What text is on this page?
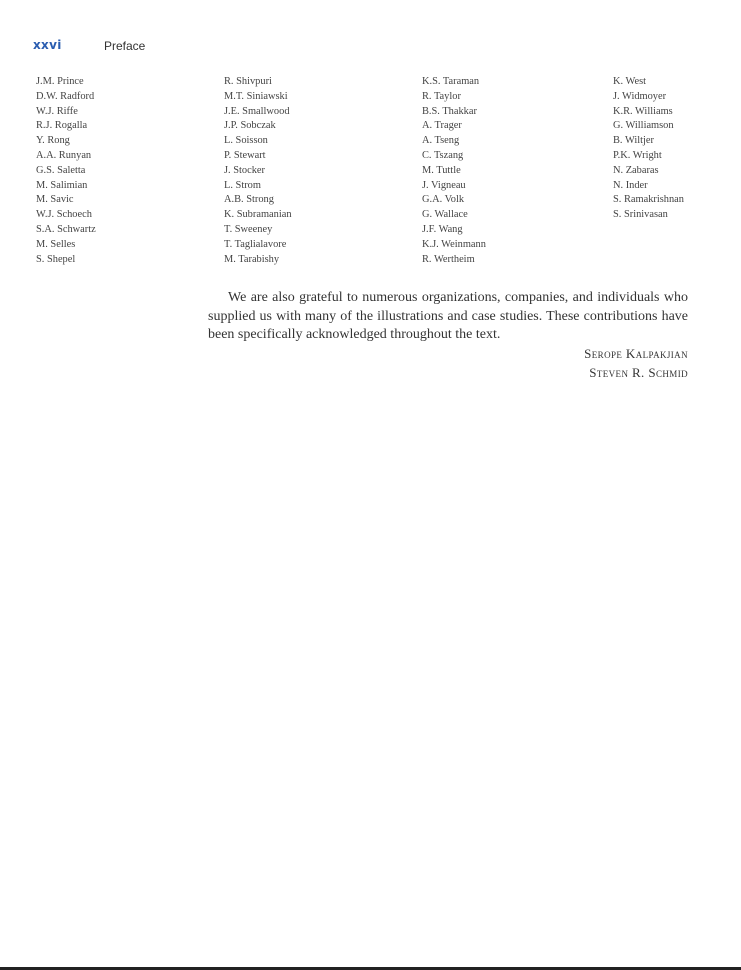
xxvi	Preface
J.M. Prince
D.W. Radford
W.J. Riffe
R.J. Rogalla
Y. Rong
A.A. Runyan
G.S. Saletta
M. Salimian
M. Savic
W.J. Schoech
S.A. Schwartz
M. Selles
S. Shepel
R. Shivpuri
M.T. Siniawski
J.E. Smallwood
J.P. Sobczak
L. Soisson
P. Stewart
J. Stocker
L. Strom
A.B. Strong
K. Subramanian
T. Sweeney
T. Taglialavore
M. Tarabishy
K.S. Taraman
R. Taylor
B.S. Thakkar
A. Trager
A. Tseng
C. Tszang
M. Tuttle
J. Vigneau
G.A. Volk
G. Wallace
J.F. Wang
K.J. Weinmann
R. Wertheim
K. West
J. Widmoyer
K.R. Williams
G. Williamson
B. Wiltjer
P.K. Wright
N. Zabaras
N. Inder
S. Ramakrishnan
S. Srinivasan

We are also grateful to numerous organizations, companies, and individuals who supplied us with many of the illustrations and case studies. These contributions have been specifically acknowledged throughout the text.

Serope Kalpakjian
Steven R. Schmid
